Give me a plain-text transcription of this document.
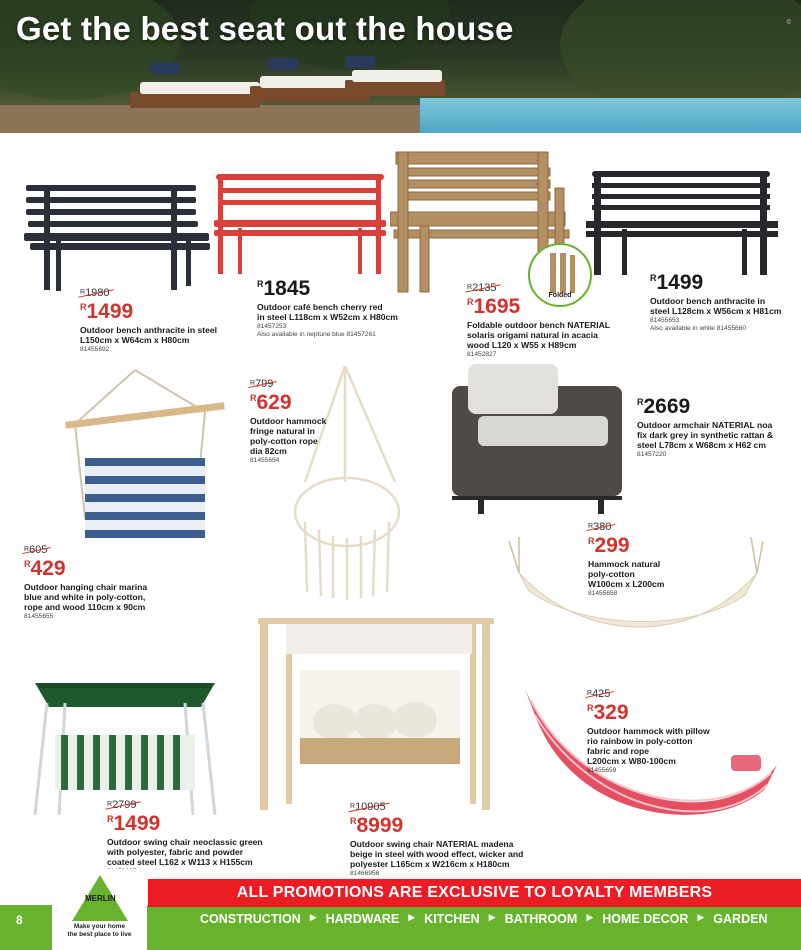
Get the best seat out the house	©
Folded
$^R$1980
$^R$1499
Outdoor bench anthracite in steel
L150cm x W64cm x H80cm
81455692
$^R$1845
Outdoor café bench cherry red
in steel L118cm x W52cm x H80cm
81457253
Also available in neptune blue 81457261
$^R$2135
$^R$1695
Foldable outdoor bench NATERIAL
solaris origami natural in acacia
wood L120 x W55 x H89cm
81452827
$^R$1499
Outdoor bench anthracite in
steel L128cm x W56cm x H81cm
81455653
Also available in white 81455660
$^R$605
$^R$429
Outdoor hanging chair marina
blue and white in poly-cotton,
rope and wood 110cm x 90cm
81455655
$^R$799
$^R$629
Outdoor hammock
fringe natural in
poly-cotton rope
dia 82cm
81455654
$^R$2669
Outdoor armchair NATERIAL noa
fix dark grey in synthetic rattan &
steel L78cm x W68cm x H62 cm
81457220
$^R$380
$^R$299
Hammock natural
poly-cotton
W100cm x L200cm
81455658
$^R$2799
$^R$1499
Outdoor swing chair neoclassic green
with polyester, fabric and powder
coated steel L162 x W113 x H155cm
$^R$10905
$^R$8999
Outdoor swing chair NATERIAL madena
beige in steel with wood effect, wicker and
polyester L165cm x W216cm x H180cm
81466956
$^R$425
$^R$329
Outdoor hammock with pillow
rio rainbow in poly-cotton
fabric and rope
L200cm x W80-100cm
81455659
ALL PROMOTIONS ARE EXCLUSIVE TO LOYALTY MEMBERS
8	CONSTRUCTION ▶ HARDWARE ▶ KITCHEN ▶ BATHROOM ▶ HOME DECOR ▶ GARDEN
LEROY
MERLIN
Make your home
the best place to live
